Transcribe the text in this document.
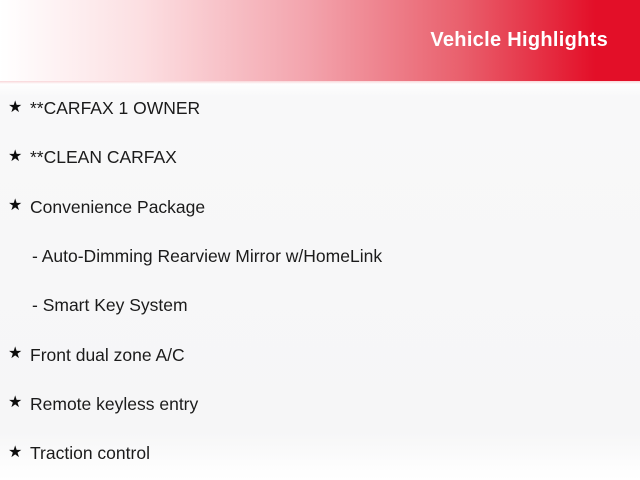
Vehicle Highlights
★ **CARFAX 1 OWNER
★ **CLEAN CARFAX
★ Convenience Package
- Auto-Dimming Rearview Mirror w/HomeLink
- Smart Key System
★ Front dual zone A/C
★ Remote keyless entry
★ Traction control
